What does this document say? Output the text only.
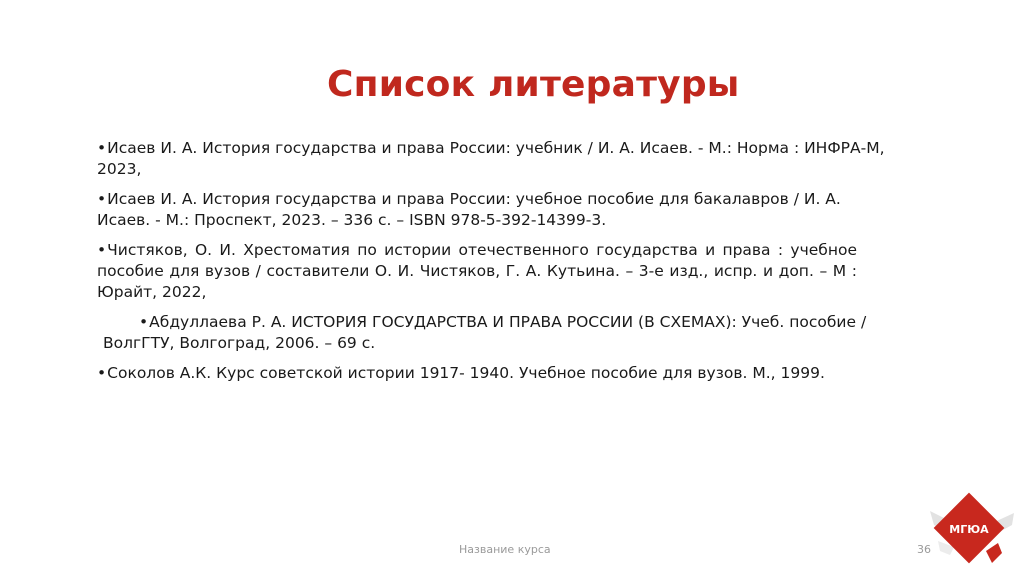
Список литературы
•Исаев И. А. История государства и права России: учебник / И. А. Исаев. - М.: Норма : ИНФРА-М, 2023,
•Исаев И. А. История государства и права России: учебное пособие для бакалавров / И. А. Исаев. - М.: Проспект, 2023. – 336 с. – ISBN 978-5-392-14399-3.
•Чистяков, О. И. Хрестоматия по истории отечественного государства и права : учебное пособие для вузов / составители О. И. Чистяков, Г. А. Кутьина. – 3-е изд., испр. и доп. – М : Юрайт, 2022,
•Абдуллаева Р. А. ИСТОРИЯ ГОСУДАРСТВА И ПРАВА РОССИИ (В СХЕМАХ): Учеб. пособие / ВолгГТУ, Волгоград, 2006. – 69 с.
•Соколов А.К. Курс советской истории 1917- 1940. Учебное пособие для вузов. М., 1999.
Название курса	36
МГЮА
